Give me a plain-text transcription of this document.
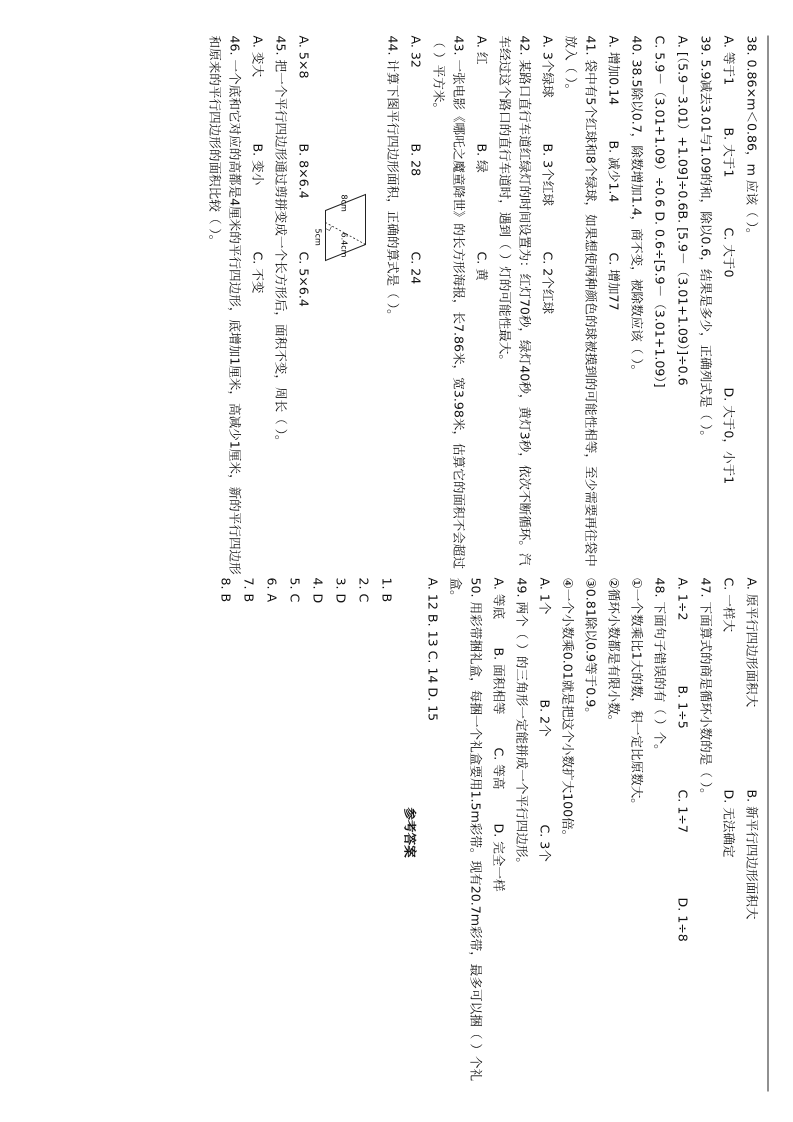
38. 0.86×m＜0.86，m 应该（ ）。
A. 等于1
B. 大于1
C. 大于0
D. 大于0，小于1
39. 5.9减去3.01与1.09的和，除以0.6，结果是多少，正确列式是（ ）。
A. [（5.9－3.01）+1.09]÷0.6B. [5.9－（3.01+1.09）]÷0.6
C. 5.9－（3.01+1.09）÷0.6 D. 0.6÷[5.9－（3.01+1.09）]
40. 38.5除以0.7，除数增加1.4，商不变，被除数应该（ ）。
A. 增加0.14
B. 减少1.4
C. 增加77
41. 袋中有5个红球和8个绿球，如果想使两种颜色的球被摸到的可能性相等，至少需要再往袋中放入（ ）。
A. 3个绿球
B. 3个红球
C. 2个红球
42. 某路口直行车道红绿灯的时间设置为：红灯70秒，绿灯40秒，黄灯3秒，依次不断循环。汽车经过这个路口的直行车道时，遇到（ ）灯的可能性最大。
A. 红
B. 绿
C. 黄
43. 一张电影《哪吒之魔童降世》的长方形海报，长7.86米，宽3.98米，估算它的面积不会超过（ ）平方米。
A. 32
B. 28
C. 24
44. 计算下图平行四边形面积，正确的算式是（ ）。
8cm
6.4cm
5cm
A. 5×8
B. 8×6.4
C. 5×6.4
45. 把一个平行四边形通过剪拼变成一个长方形后，面积不变，周长（ ）。
A. 变大
B. 变小
C. 不变
46. 一个底和它对应的高都是4厘米的平行四边形，底增加1厘米，高减少1厘米，新的平行四边形和原来的平行四边形的面积比较（ ）。
A. 原平行四边形面积大
B. 新平行四边形面积大
C. 一样大
D. 无法确定
47. 下面算式的商是循环小数的是（ ）。
A. 1÷2
B. 1÷5
C. 1÷7
D. 1÷8
48. 下面句子错误的有（ ）个。
①一个数乘比1大的数，积一定比原数大。
②循环小数都是有限小数。
③0.81除以0.9等于0.9。
④一个小数乘0.01就是把这个小数扩大100倍。
A. 1个
B. 2个
C. 3个
49. 两个（ ）的三角形一定能拼成一个平行四边形。
A. 等底
B. 面积相等
C. 等高
D. 完全一样
50. 用彩带捆礼盒，每捆一个礼盒要用1.5m彩带。现有20.7m彩带，最多可以捆（ ）个礼盒。
A. 12 B. 13 C. 14 D. 15
参考答案
1. B
2. C
3. D
4. D
5. C
6. A
7. B
8. B
